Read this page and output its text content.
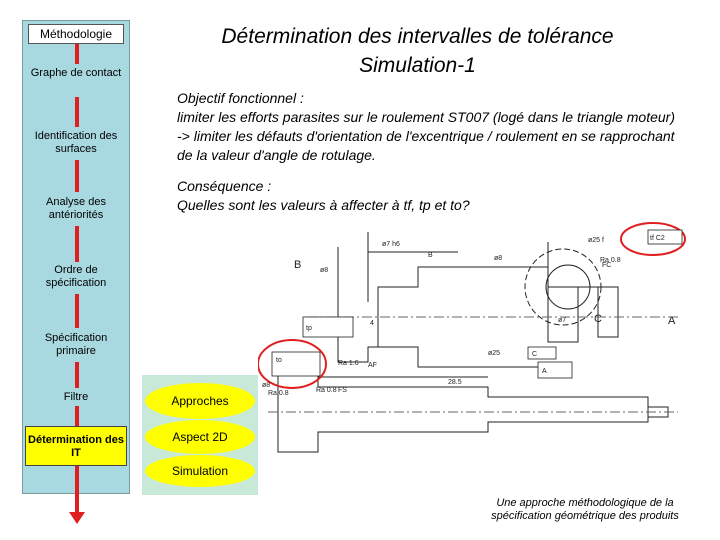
Méthodologie
Graphe de contact
Identification des surfaces
Analyse des antériorités
Ordre de spécification
Spécification primaire
Filtre
Détermination des IT
Détermination des intervalles de tolérance
Simulation-1
Objectif fonctionnel :
limiter les efforts parasites sur le roulement ST007 (logé dans le triangle moteur) -> limiter les défauts d'orientation de l'excentrique / roulement en se rapprochant de la valeur d'angle de rotulage.
Conséquence :
Quelles sont les valeurs à affecter à tf, tp et to?
tf C2
tp
to
C
A
ø7 h6
ø8
ø8
ø7
ø25 f
ø8	28.5
4
ø25
FC
AF
FS
Ra 1.6
Ra 0.8	Ra 0.8
Ra 0.8
B
B
C	A
Approches
Aspect 2D
Simulation
Une approche méthodologique de la spécification géométrique des produits
